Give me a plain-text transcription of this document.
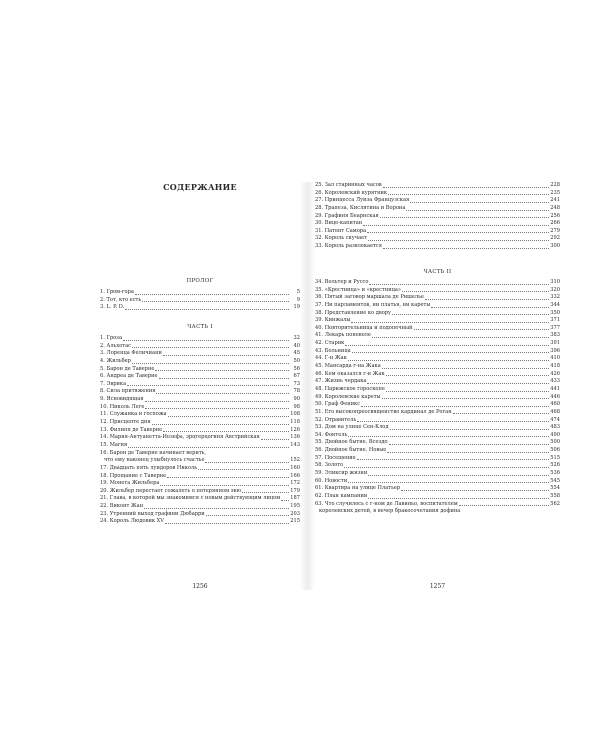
СОДЕРЖАНИЕ
ПРОЛОГ
1. Гром-гора	5
2. Тот, кто есть	9
3. L. P. D.	19
ЧАСТЬ I
1. Гроза	32
2. Альхотас	40
3. Лоренца Феличиани	45
4. Жильбер	50
5. Барон де Таверне	56
6. Андреа де Таверне	67
7. Эврика	73
8. Сила притяжения	78
9. Ясновидящая	90
10. Николь Леге	98
11. Служанка и госпожа	108
12. Присцепте дня	118
13. Филипп де Таверне	126
14. Мария-Антуанетта-Иозефа, эрцгерцогиня Австрийская	136
15. Магия	143
16. Барон де Таверне начинает верить,
что ему наконец улыбнулось счастье	152
17. Двадцать пять луидоров Николь	160
18. Прощание с Таверне	166
19. Монета Жильбера	172
20. Жильбер перестает сожалеть о потерянном экю	179
21. Глава, в которой мы знакомимся с новым действующим лицом 187
22. Виконт Жан	195
23. Утренний выход графини Дюбарри	203
24. Король Людовик XV	215
1256
25. Зал старинных часов	228
26. Королевский курятник	235
27. Принцесса Луиза Французская	241
28. Трапеза, Кислятина и Ворона	248
29. Графиня Беарнская	256
30. Вице-капитан	266
31. Патент Самора	279
32. Король скучает	292
33. Король развлекается	300
ЧАСТЬ II
34. Вольтер и Руссо	310
35. «Крестница» и «крестница»	320
36. Пятый заговор маршала де Ришелье	332
37. Ни парламентов, ни платья, ни кареты	344
38. Представление ко двору	350
39. Кинжалы	371
40. Повторительница и подопечный	377
41. Лекарь поневоле	383
42. Старик	391
43. Больница	396
44. Г-н Жак	410
45. Мансарда г-на Жака	418
46. Кем оказался г-н Жак	426
47. Жизнь чердака	433
48. Парижское гороскопе	441
49. Королевские кареты	446
50. Граф Феникс	460
51. Его высокопреосвященство кардинал де Роган	468
52. Отравитель	474
53. Дом на улице Сен-Клод	483
54. Фонтель	490
55. Двойное бытие. Всеэдо	500
56. Двойное бытие. Новые	506
57. Посещение	515
58. Золото	526
59. Эликсир жизни	536
60. Новости	545
61. Квартира на улице Платьер	554
62. План кампании	558
63. Что случилось с г-ном де Лавиньо, воспитателем	562
королевских детей, в вечер бракосочетания дофина
1257
